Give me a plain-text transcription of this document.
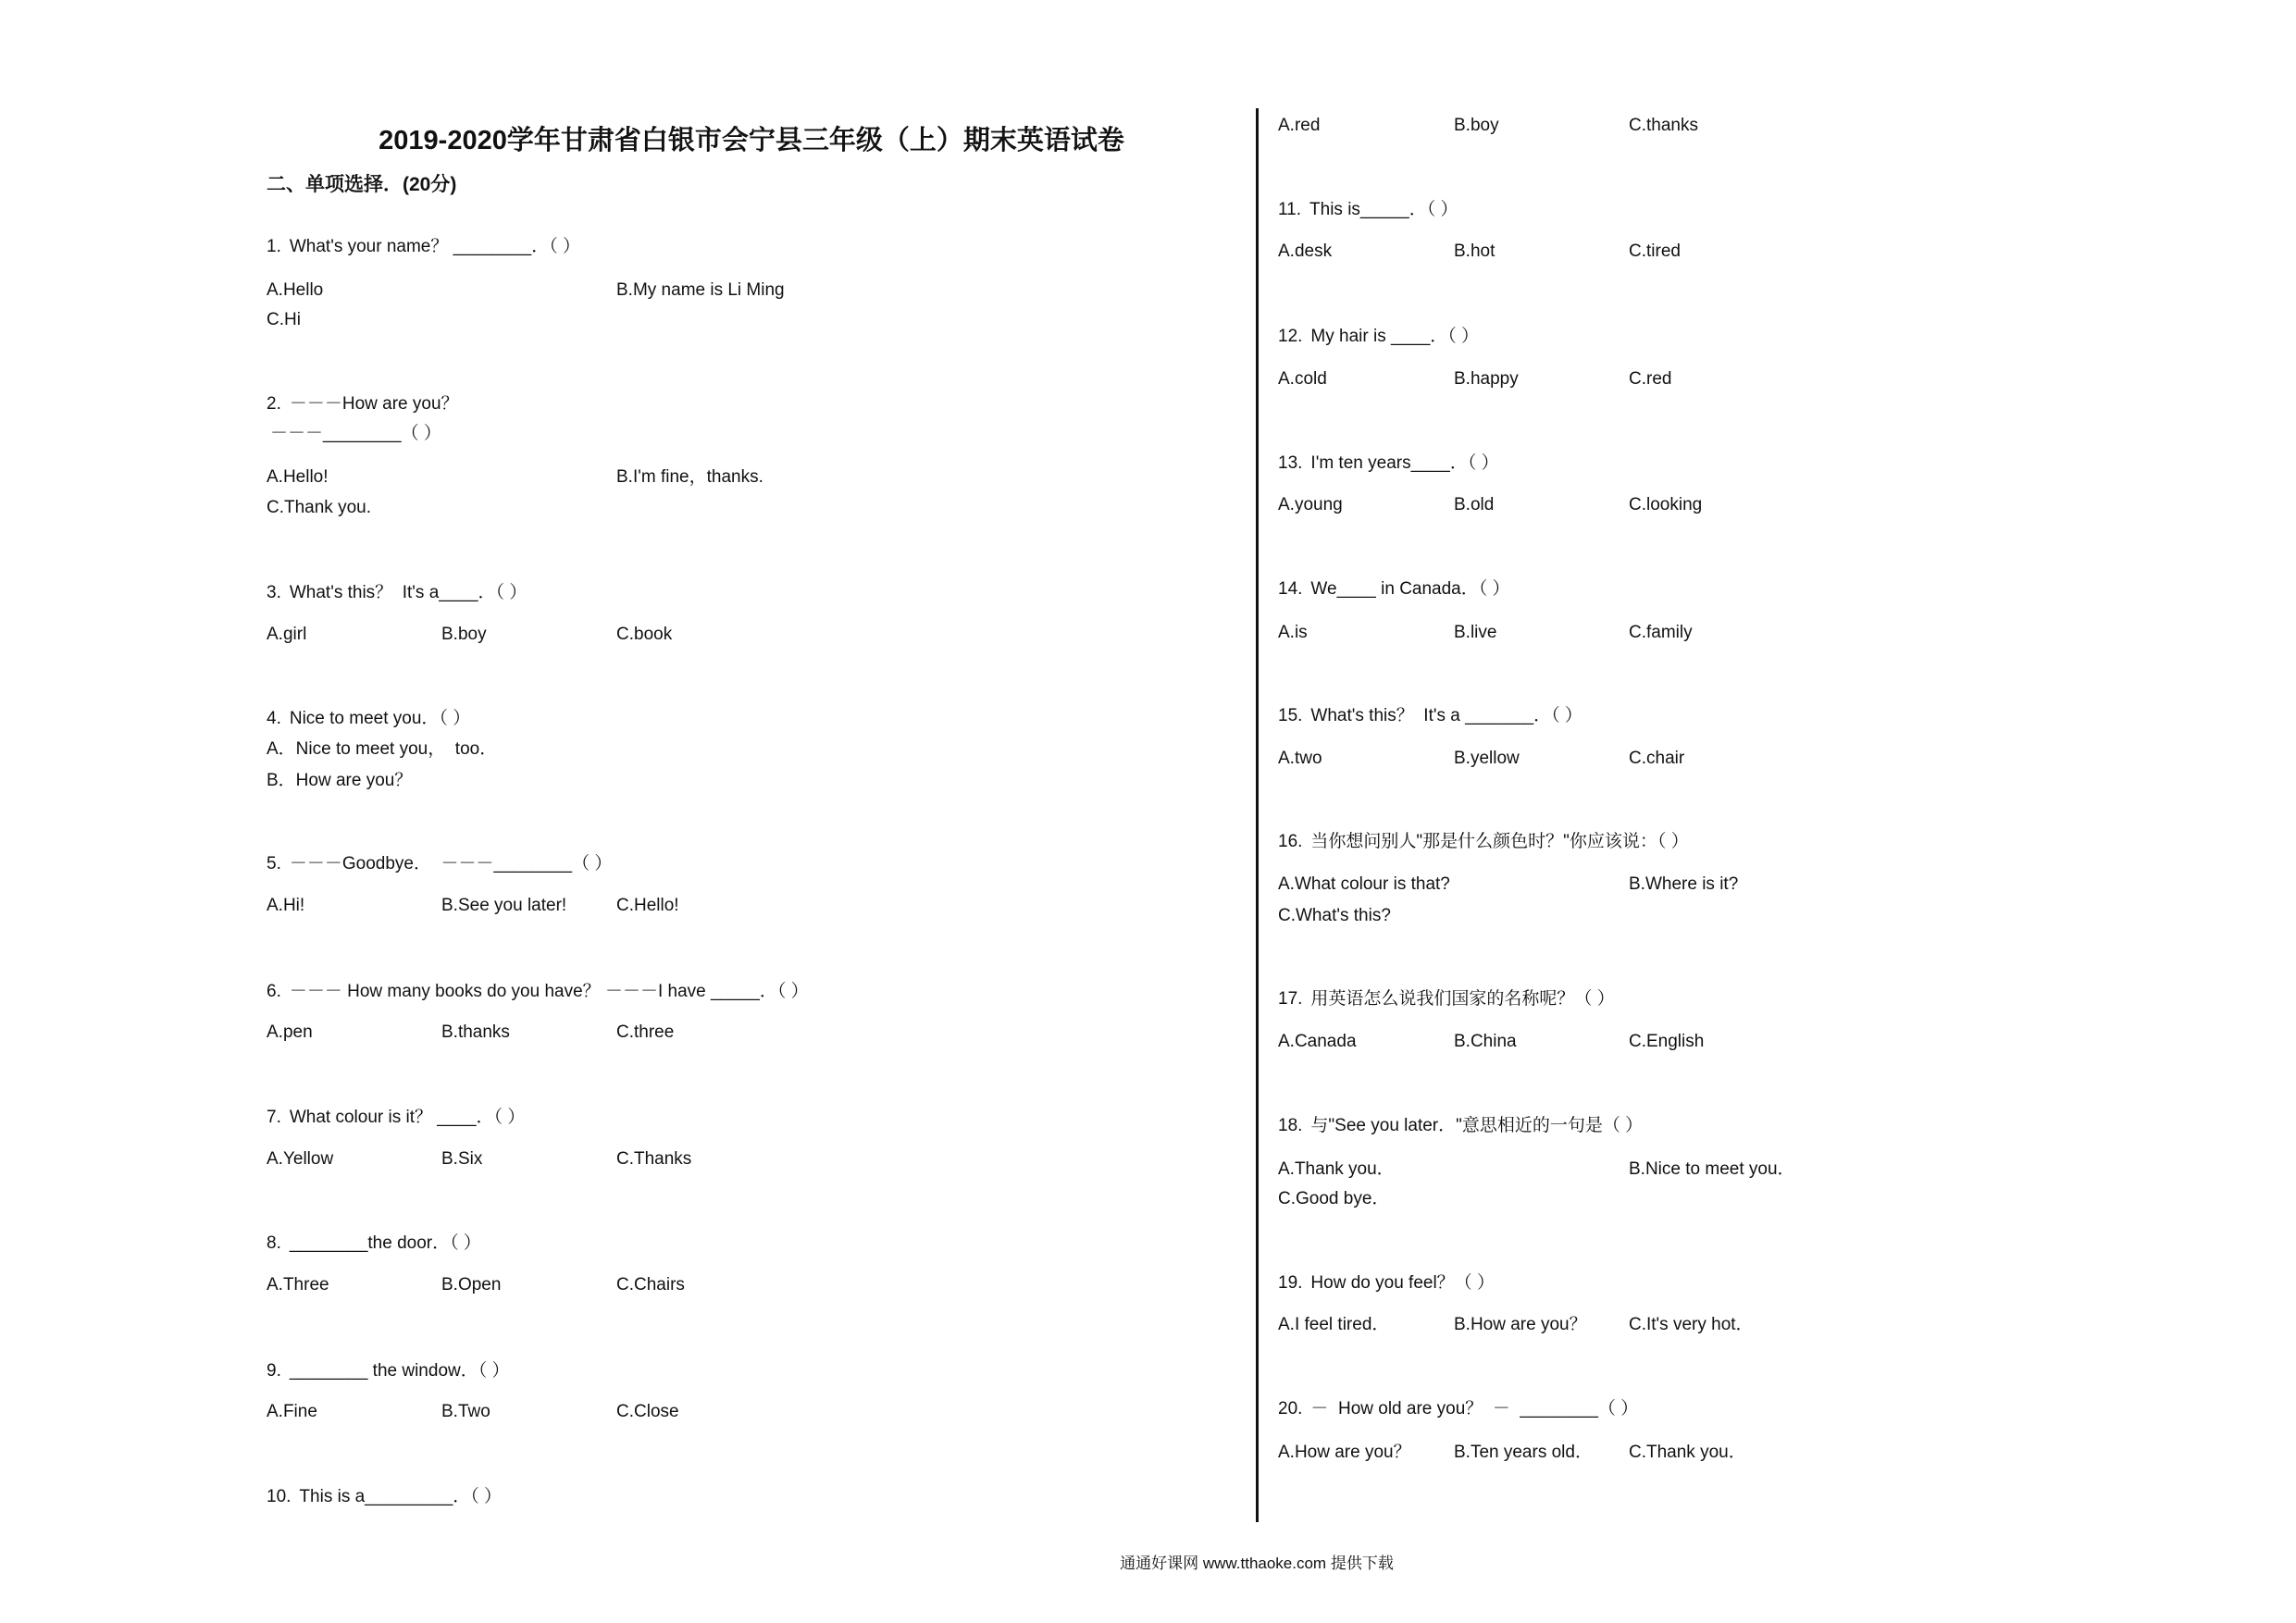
2019-2020学年甘肃省白银市会宁县三年级（上）期末英语试卷
二、单项选择．(20分)
1. What's your name？ ________．（ ）
A.Hello	B.My name is Li Ming
C.Hi
2. －－－How are you？
－－－________（ ）
A.Hello!	B.I'm fine，thanks.
C.Thank you.
3. What's this？  It's a____．（ ）
A.girl	B.boy	C.book
4. Nice to meet you．（ ）
A．Nice to meet you，  too．
B．How are you？
5. －－－Goodbye．  －－－________（ ）
A.Hi!	B.See you later!	C.Hello!
6. －－－ How many books do you have？ －－－I have _____．（ ）
A.pen	B.thanks	C.three
7. What colour is it？ ____．（ ）
A.Yellow	B.Six	C.Thanks
8. ________the door．（ ）
A.Three	B.Open	C.Chairs
9. ________ the window．（ ）
A.Fine	B.Two	C.Close
10. This is a_________．（ ）
A.red	B.boy	C.thanks
11. This is_____．（ ）
A.desk	B.hot	C.tired
12. My hair is ____．（ ）
A.cold	B.happy	C.red
13. I'm ten years____．（ ）
A.young	B.old	C.looking
14. We____ in Canada．（ ）
A.is	B.live	C.family
15. What's this？  It's a _______．（ ）
A.two	B.yellow	C.chair
16. 当你想问别人"那是什么颜色时？"你应该说：（ ）
A.What colour is that?	B.Where is it?
C.What's this?
17. 用英语怎么说我们国家的名称呢？（ ）
A.Canada	B.China	C.English
18. 与"See you later．"意思相近的一句是（ ）
A.Thank you．	B.Nice to meet you．
C.Good bye．
19. How do you feel？（ ）
A.I feel tired．	B.How are you？ C.It's very hot．
20. －  How old are you？  －  ________（ ）
A.How are you？ B.Ten years old． C.Thank you．
通通好课网 www.tthaoke.com 提供下载
